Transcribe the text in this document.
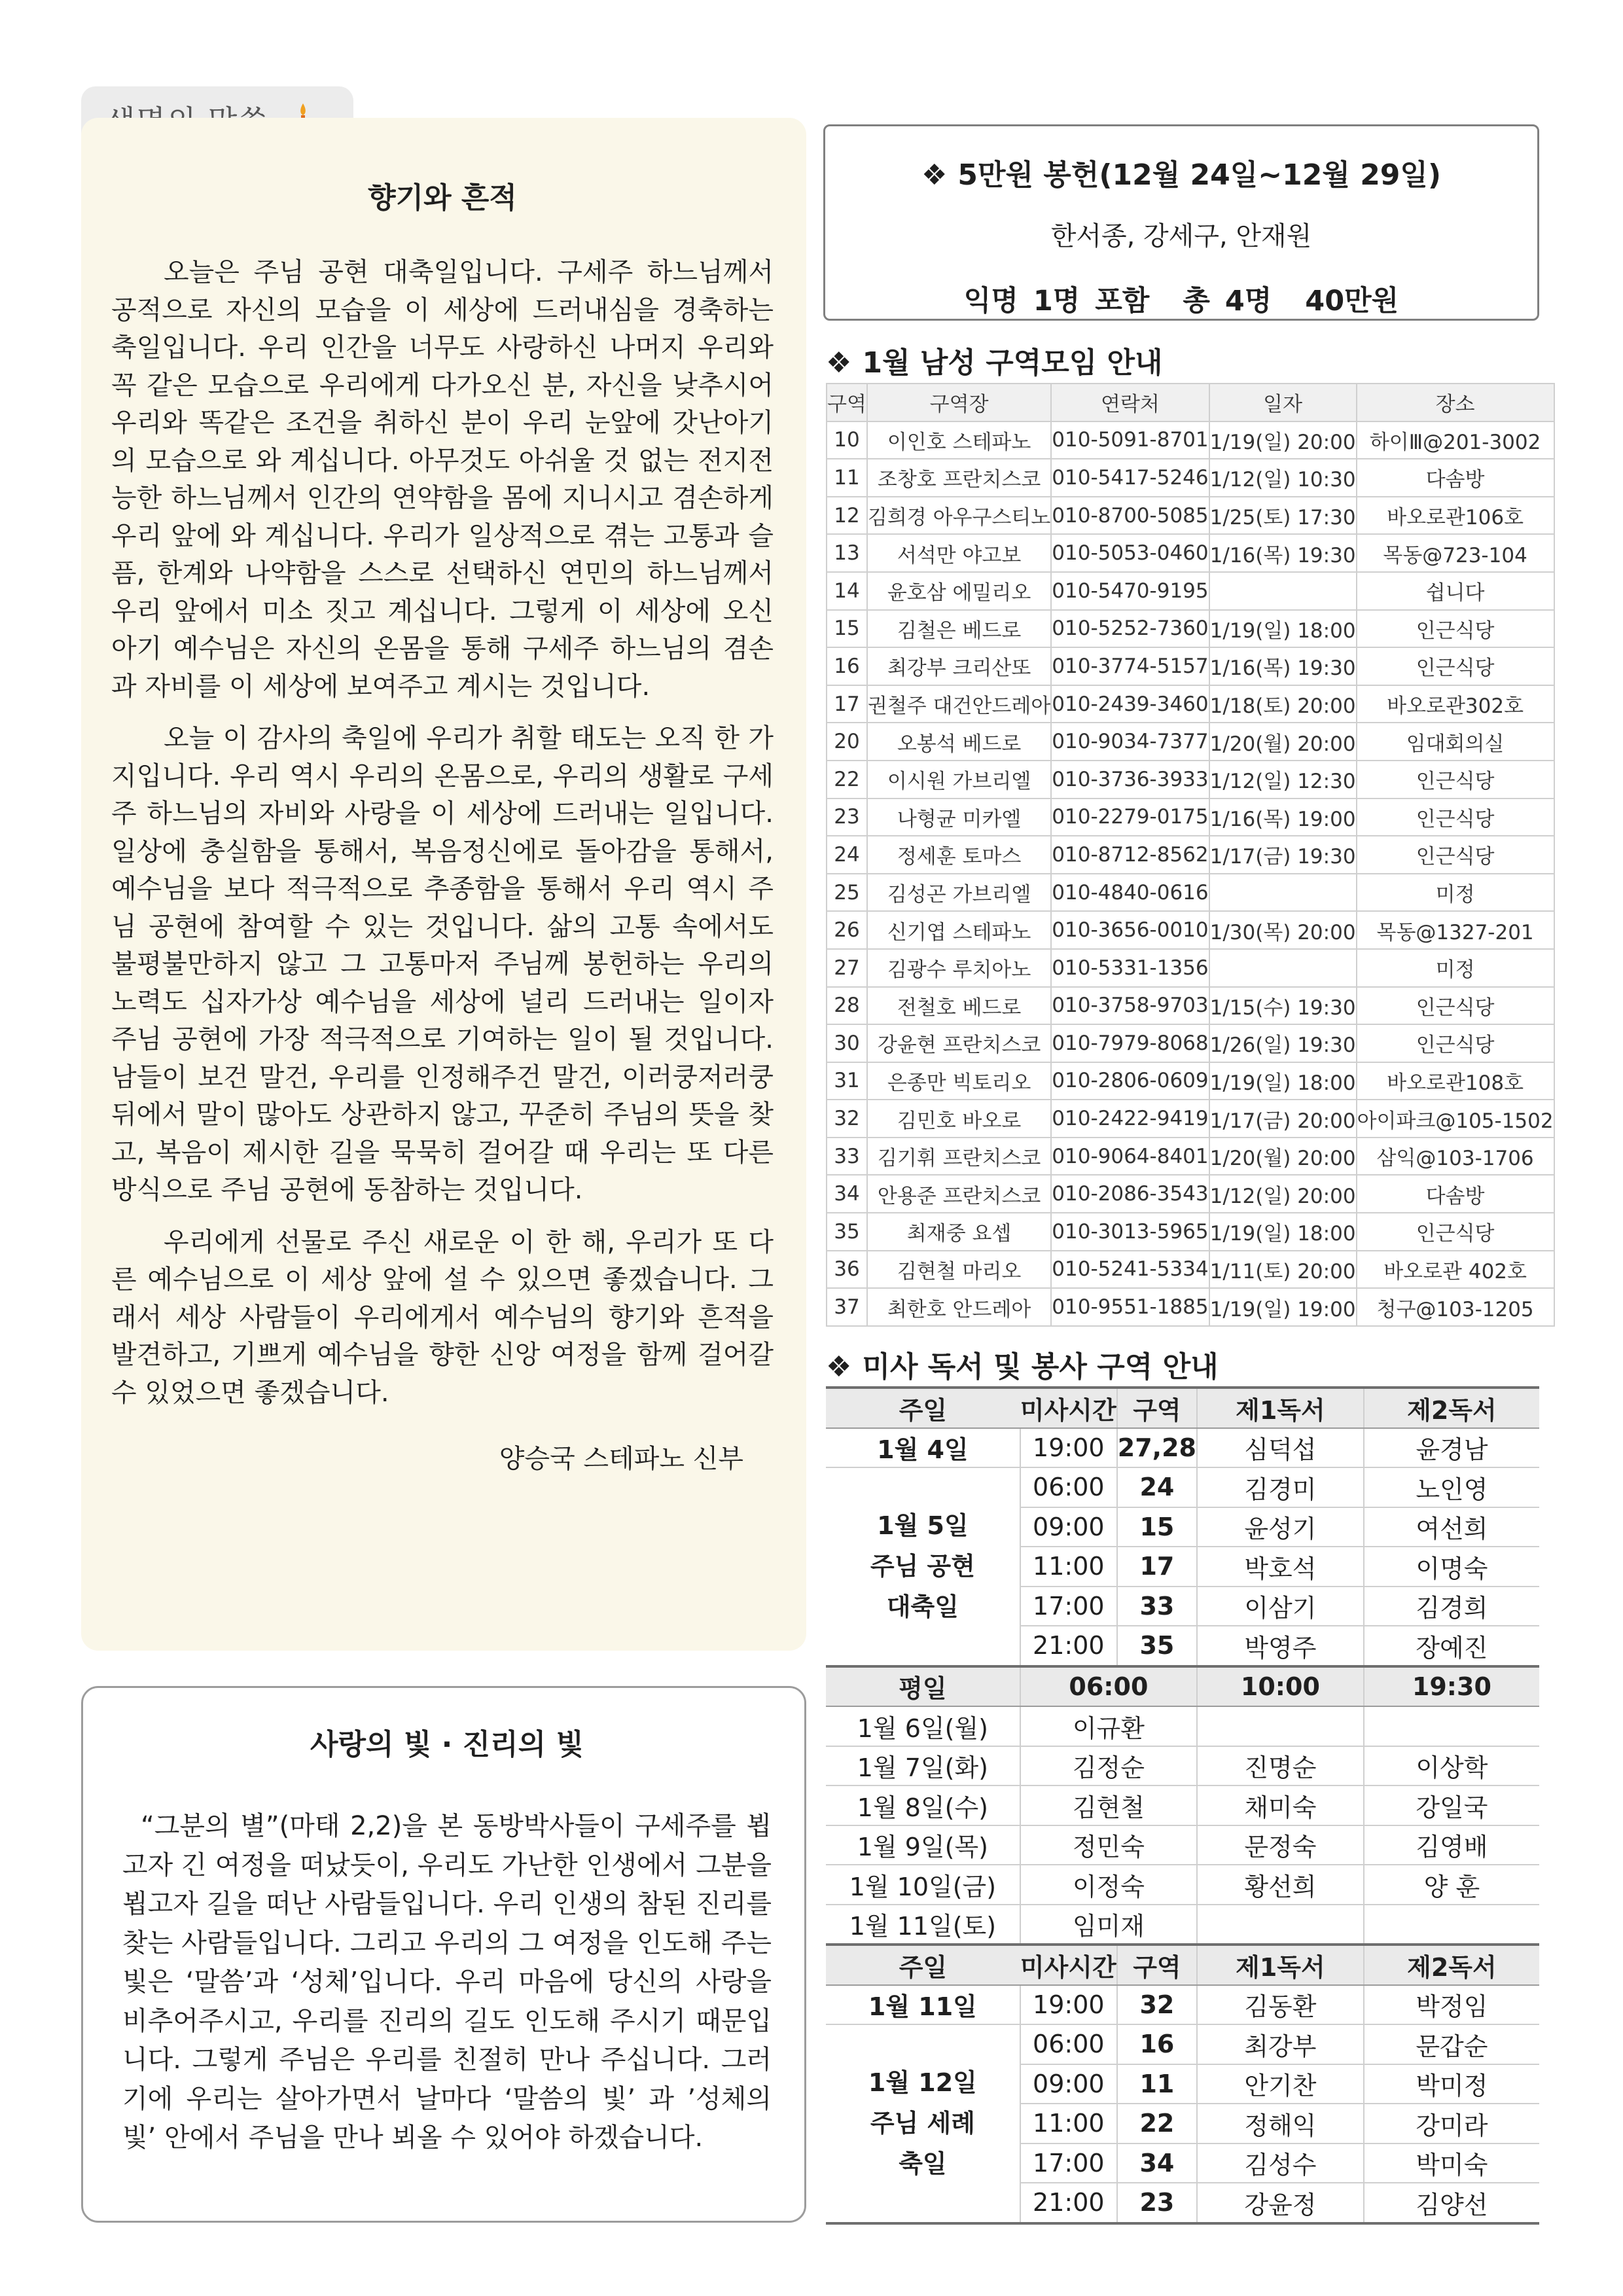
향기와 흔적

오늘은 주님 공현 대축일입니다. 구세주 하느님께서 공적으로 자신의 모습을 이 세상에 드러내심을 경축하는 축일입니다. 우리 인간을 너무도 사랑하신 나머지 우리와 꼭 같은 모습으로 우리에게 다가오신 분, 자신을 낮추시어 우리와 똑같은 조건을 취하신 분이 우리 눈앞에 갓난아기의 모습으로 와 계십니다. 아무것도 아쉬울 것 없는 전지전능한 하느님께서 인간의 연약함을 몸에 지니시고 겸손하게 우리 앞에 와 계십니다. 우리가 일상적으로 겪는 고통과 슬픔, 한계와 나약함을 스스로 선택하신 연민의 하느님께서 우리 앞에서 미소 짓고 계십니다. 그렇게 이 세상에 오신 아기 예수님은 자신의 온몸을 통해 구세주 하느님의 겸손과 자비를 이 세상에 보여주고 계시는 것입니다.

오늘 이 감사의 축일에 우리가 취할 태도는 오직 한 가지입니다. 우리 역시 우리의 온몸으로, 우리의 생활로 구세주 하느님의 자비와 사랑을 이 세상에 드러내는 일입니다. 일상에 충실함을 통해서, 복음정신에로 돌아감을 통해서, 예수님을 보다 적극적으로 추종함을 통해서 우리 역시 주님 공현에 참여할 수 있는 것입니다. 삶의 고통 속에서도 불평불만하지 않고 그 고통마저 주님께 봉헌하는 우리의 노력도 십자가상 예수님을 세상에 널리 드러내는 일이자 주님 공현에 가장 적극적으로 기여하는 일이 될 것입니다. 남들이 보건 말건, 우리를 인정해주건 말건, 이러쿵저러쿵 뒤에서 말이 많아도 상관하지 않고, 꾸준히 주님의 뜻을 찾고, 복음이 제시한 길을 묵묵히 걸어갈 때 우리는 또 다른 방식으로 주님 공현에 동참하는 것입니다.

우리에게 선물로 주신 새로운 이 한 해, 우리가 또 다른 예수님으로 이 세상 앞에 설 수 있으면 좋겠습니다. 그래서 세상 사람들이 우리에게서 예수님의 향기와 흔적을 발견하고, 기쁘게 예수님을 향한 신앙 여정을 함께 걸어갈 수 있었으면 좋겠습니다.

양승국 스테파노 신부
사랑의 빛 · 진리의 빛

“그분의 별”(마태 2,2)을 본 동방박사들이 구세주를 뵙고자 긴 여정을 떠났듯이, 우리도 가난한 인생에서 그분을 뵙고자 길을 떠난 사람들입니다. 우리 인생의 참된 진리를 찾는 사람들입니다. 그리고 우리의 그 여정을 인도해 주는 빛은 ‘말씀’과 ‘성체’입니다. 우리 마음에 당신의 사랑을 비추어주시고, 우리를 진리의 길도 인도해 주시기 때문입니다. 그렇게 주님은 우리를 친절히 만나 주십니다. 그러기에 우리는 살아가면서 날마다 ‘말씀의 빛’ 과 ’성체의 빛’ 안에서 주님을 만나 뵈올 수 있어야 하겠습니다.

❖ 5만원 봉헌(12월 24일~12월 29일)
한서종, 강세구, 안재원
익명 1명 포함 총 4명 40만원
❖ 1월 남성 구역모임 안내
구역	구역장	연락처	일자	장소
10	이인호 스테파노	010-5091-8701	1/19(일) 20:00	하이Ⅲ@201-3002
11	조창호 프란치스코	010-5417-5246	1/12(일) 10:30	다솜방
12	김희경 아우구스티노	010-8700-5085	1/25(토) 17:30	바오로관106호
13	서석만 야고보	010-5053-0460	1/16(목) 19:30	목동@723-104
14	윤호삼 에밀리오	010-5470-9195		쉽니다
15	김철은 베드로	010-5252-7360	1/19(일) 18:00	인근식당
16	최강부 크리산또	010-3774-5157	1/16(목) 19:30	인근식당
17	권철주 대건안드레아	010-2439-3460	1/18(토) 20:00	바오로관302호
20	오봉석 베드로	010-9034-7377	1/20(월) 20:00	임대회의실
22	이시원 가브리엘	010-3736-3933	1/12(일) 12:30	인근식당
23	나형균 미카엘	010-2279-0175	1/16(목) 19:00	인근식당
24	정세훈 토마스	010-8712-8562	1/17(금) 19:30	인근식당
25	김성곤 가브리엘	010-4840-0616		미정
26	신기엽 스테파노	010-3656-0010	1/30(목) 20:00	목동@1327-201
27	김광수 루치아노	010-5331-1356		미정
28	전철호 베드로	010-3758-9703	1/15(수) 19:30	인근식당
30	강윤현 프란치스코	010-7979-8068	1/26(일) 19:30	인근식당
31	은종만 빅토리오	010-2806-0609	1/19(일) 18:00	바오로관108호
32	김민호 바오로	010-2422-9419	1/17(금) 20:00	아이파크@105-1502
33	김기휘 프란치스코	010-9064-8401	1/20(월) 20:00	삼익@103-1706
34	안용준 프란치스코	010-2086-3543	1/12(일) 20:00	다솜방
35	최재중 요셉	010-3013-5965	1/19(일) 18:00	인근식당
36	김현철 마리오	010-5241-5334	1/11(토) 20:00	바오로관 402호
37	최한호 안드레아	010-9551-1885	1/19(일) 19:00	청구@103-1205
❖ 미사 독서 및 봉사 구역 안내
주일	미사시간	구역	제1독서	제2독서
1월 4일	19:00	27,28	심덕섭	윤경남

1월 5일
주님 공현
대축일	06:00	24	김경미	노인영
	09:00	15	윤성기	여선희
	11:00	17	박호석	이명숙
	17:00	33	이삼기	김경희
	21:00	35	박영주	장예진
평일	06:00		10:00	19:30
1월 6일(월)	이규환			
1월 7일(화)	김정순		진명순	이상학
1월 8일(수)	김현철		채미숙	강일국
1월 9일(목)	정민숙		문정숙	김영배
1월 10일(금)	이정숙		황선희	양 훈
1월 11일(토)	임미재			
주일	미사시간	구역	제1독서	제2독서
1월 11일	19:00	32	김동환	박정임

1월 12일
주님 세례
축일	06:00	16	최강부	문갑순
	09:00	11	안기찬	박미정
	11:00	22	정해익	강미라
	17:00	34	김성수	박미숙
	21:00	23	강윤정	김양선
